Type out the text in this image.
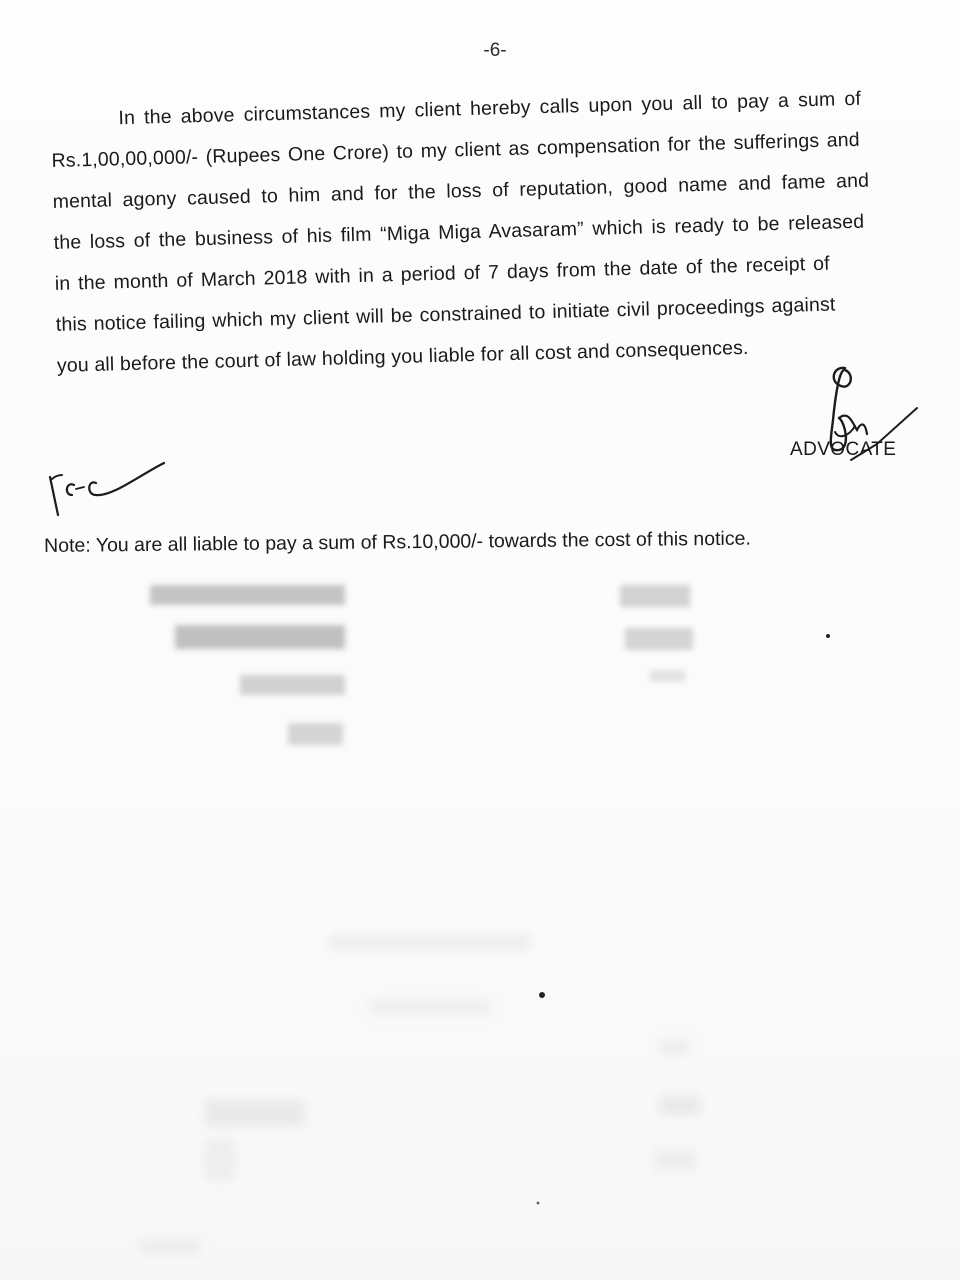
-6-
In the above circumstances my client hereby calls upon you all to pay a sum of
Rs.1,00,00,000/- (Rupees One Crore) to my client as compensation for the sufferings and
mental agony caused to him and for the loss of reputation, good name and fame and
the loss of the business of his film “Miga Miga Avasaram” which is ready to be released
in the month of March 2018 with in a period of 7 days from the date of the receipt of
this notice failing which my client will be constrained to initiate civil proceedings against
you all before the court of law holding you liable for all cost and consequences.
ADVOCATE
Note: You are all liable to pay a sum of Rs.10,000/- towards the cost of this notice.
